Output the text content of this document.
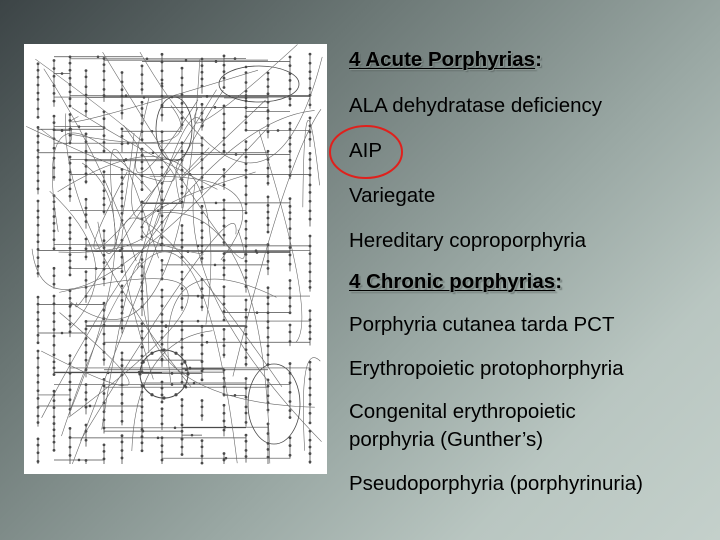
4 Acute Porphyrias:
ALA dehydratase deficiency
AIP
Variegate
Hereditary coproporphyria
4 Chronic porphyrias:
Porphyria cutanea tarda PCT
Erythropoietic protophorphyria
Congenital erythropoietic
porphyria (Gunther’s)
Pseudoporphyria (porphyrinuria)
